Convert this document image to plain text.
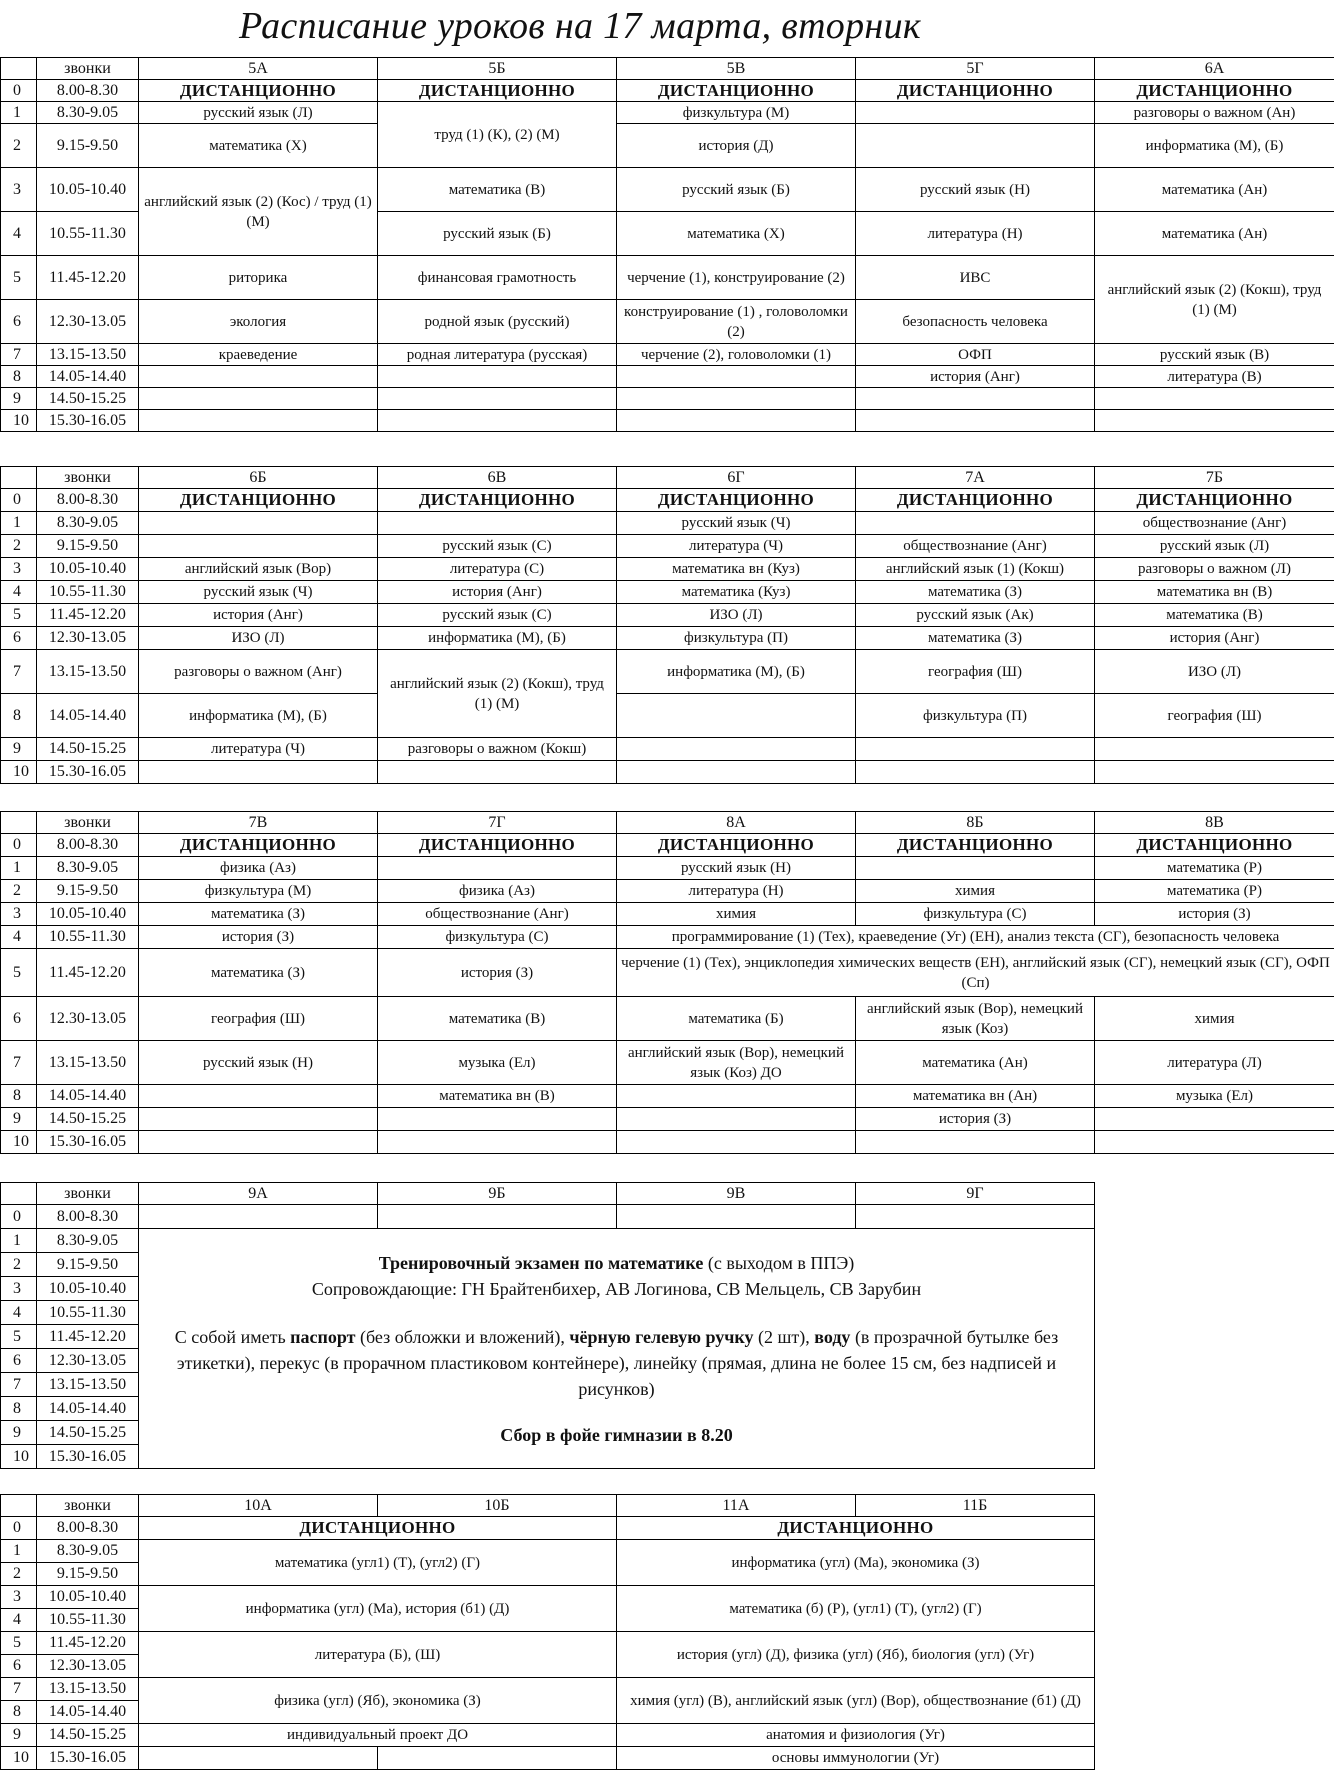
Расписание уроков на 17 марта, вторник
	звонки	5А	5Б	5В	5Г	6А
0	8.00-8.30	ДИСТАНЦИОННО	ДИСТАНЦИОННО	ДИСТАНЦИОННО	ДИСТАНЦИОННО	ДИСТАНЦИОННО
1	8.30-9.05	русский язык (Л)	труд (1) (К), (2) (М)	физкультура (М)		разговоры о важном (Ан)
2	9.15-9.50	математика (Х)		история (Д)		информатика (М), (Б)
3	10.05-10.40	английский язык (2) (Кос) / труд (1) (М)	математика (В)	русский язык (Б)	русский язык (Н)	математика (Ан)
4	10.55-11.30		русский язык (Б)	математика (Х)	литература (Н)	математика (Ан)
5	11.45-12.20	риторика	финансовая грамотность	черчение (1), конструирование (2)	ИВС	английский язык (2) (Кокш), труд (1) (М)
6	12.30-13.05	экология	родной язык (русский)	конструирование (1) , головоломки (2)	безопасность человека	
7	13.15-13.50	краеведение	родная литература (русская)	черчение (2), головоломки (1)	ОФП	русский язык (В)
8	14.05-14.40				история (Анг)	литература (В)
9	14.50-15.25					
10	15.30-16.05					
	звонки	6Б	6В	6Г	7А	7Б
0	8.00-8.30	ДИСТАНЦИОННО	ДИСТАНЦИОННО	ДИСТАНЦИОННО	ДИСТАНЦИОННО	ДИСТАНЦИОННО
1	8.30-9.05			русский язык (Ч)		обществознание (Анг)
2	9.15-9.50		русский язык (С)	литература (Ч)	обществознание (Анг)	русский язык (Л)
3	10.05-10.40	английский язык (Вор)	литература (С)	математика вн (Куз)	английский язык (1) (Кокш)	разговоры о важном (Л)
4	10.55-11.30	русский язык (Ч)	история (Анг)	математика (Куз)	математика (З)	математика вн (В)
5	11.45-12.20	история (Анг)	русский язык (С)	ИЗО (Л)	русский язык (Ак)	математика (В)
6	12.30-13.05	ИЗО (Л)	информатика (М), (Б)	физкультура (П)	математика (З)	история (Анг)
7	13.15-13.50	разговоры о важном (Анг)	английский язык (2) (Кокш), труд (1) (М)	информатика (М), (Б)	география (Ш)	ИЗО (Л)
8	14.05-14.40	информатика (М), (Б)			физкультура (П)	география (Ш)
9	14.50-15.25	литература (Ч)	разговоры о важном (Кокш)			
10	15.30-16.05					
	звонки	7В	7Г	8А	8Б	8В
0	8.00-8.30	ДИСТАНЦИОННО	ДИСТАНЦИОННО	ДИСТАНЦИОННО	ДИСТАНЦИОННО	ДИСТАНЦИОННО
1	8.30-9.05	физика (Аз)		русский язык (Н)		математика (Р)
2	9.15-9.50	физкультура (М)	физика (Аз)	литература (Н)	химия	математика (Р)
3	10.05-10.40	математика (З)	обществознание (Анг)	химия	физкультура (С)	история (З)
4	10.55-11.30	история (З)	физкультура (С)	программирование (1) (Тех), краеведение (Уг) (ЕН), анализ текста (СГ), безопасность человека		
5	11.45-12.20	математика (З)	история (З)	черчение (1) (Тех), энциклопедия химических веществ (ЕН), английский язык (СГ), немецкий язык (СГ), ОФП (Сп)		
6	12.30-13.05	география (Ш)	математика (В)	математика (Б)	английский язык (Вор), немецкий язык (Коз)	химия
7	13.15-13.50	русский язык (Н)	музыка (Ел)	английский язык (Вор), немецкий язык (Коз) ДО	математика (Ан)	литература (Л)
8	14.05-14.40		математика вн (В)		математика вн (Ан)	музыка (Ел)
9	14.50-15.25				история (З)	
10	15.30-16.05					
	звонки	9А	9Б	9В	9Г
0	8.00-8.30				
1	8.30-9.05	Тренировочный экзамен по математике (с выходом в ППЭ)
Сопровождающие: ГН Брайтенбихер, АВ Логинова, СВ Мельцель, СВ Зарубин
С собой иметь паспорт (без обложки и вложений), чёрную гелевую ручку (2 шт), воду (в прозрачной бутылке без этикетки), перекус (в прорачном пластиковом контейнере), линейку (прямая, длина не более 15 см, без надписей и рисунков)
Сбор в фойе гимназии в 8.20			

2	9.15-9.50				
3	10.05-10.40				
4	10.55-11.30				
5	11.45-12.20				
6	12.30-13.05				
7	13.15-13.50				
8	14.05-14.40				
9	14.50-15.25				
10	15.30-16.05				
	звонки	10А	10Б	11А	11Б
0	8.00-8.30	ДИСТАНЦИОННО		ДИСТАНЦИОННО	
1	8.30-9.05	математика (угл1) (Т), (угл2) (Г)		информатика (угл) (Ма), экономика (З)	
2	9.15-9.50				
3	10.05-10.40	информатика (угл) (Ма), история (б1) (Д)		математика (б) (Р), (угл1) (Т), (угл2) (Г)	
4	10.55-11.30				
5	11.45-12.20	литература (Б), (Ш)		история (угл) (Д), физика (угл) (Яб), биология (угл) (Уг)	
6	12.30-13.05				
7	13.15-13.50	физика (угл) (Яб), экономика (З)		химия (угл) (В), английский язык (угл) (Вор), обществознание (б1) (Д)	
8	14.05-14.40				
9	14.50-15.25	индивидуальный проект ДО		анатомия и физиология (Уг)	
10	15.30-16.05			основы иммунологии (Уг)	
